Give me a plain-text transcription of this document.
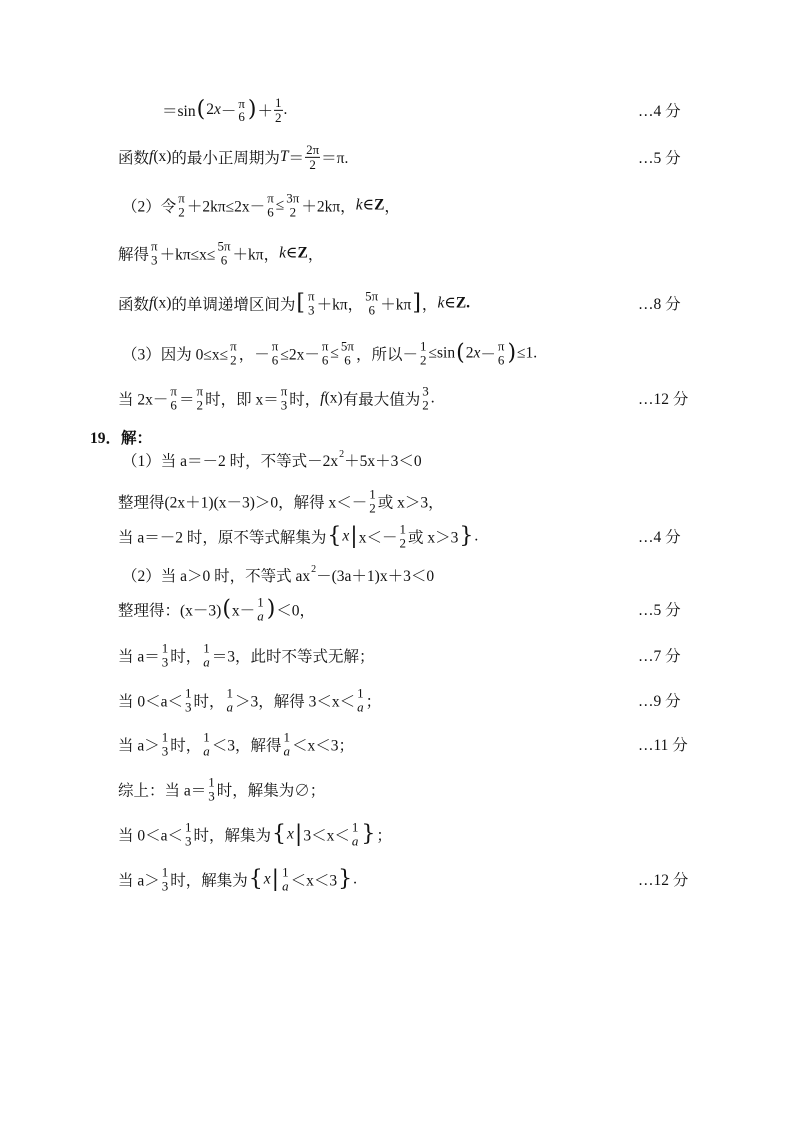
＝sin ( 2 x －
π
6 ) ＋ $\frac{1}{2}$ .	…4 分
函数 f (x) 的最小正周期为 $T = \frac{2\pi}{2} =\pi$.	…5 分
（2）令
π
2 ＋2kπ≤2x－
π
6 ≤ 3π
2 ＋2kπ， k ∈ Z ，
解得
π
3 ＋kπ≤x≤
5π
6 ＋kπ， k ∈ Z ，
函数 f (x) 的单调递增区间为 [ π
3 ＋kπ，
5π
6 ＋kπ ] ， k ∈ Z.	…8 分
（3）因为 0≤x≤
π
2 ，－
π
6 ≤2x－
π
6 ≤ 5π
6 ，所以－
1
2 ≤sin ( 2 x －
π
6 ) ≤1.
当 2x－
π
6 ＝
π
2 时，即 x＝
π
3 时， f (x) 有最大值为
3
2 .	…12 分
19．解：
（1）当 a＝－2 时，不等式－2x 2 ＋5x＋3＜0
整理得(2x＋1)(x－3)＞0，解得 x＜－
1
2 或 x＞3，
当 a＝－2 时，原不等式解集为 { x | x＜－
1
2 或 x＞3 } .	…4 分
（2）当 a＞0 时，不等式 ax 2 －(3a＋1)x＋3＜0
整理得：(x－3) ( x－
1
a ) ＜0，	…5 分
当 a＝
1
3 时，
1
a ＝3，此时不等式无解；	…7 分
当 0＜a＜
1
3 时，
1
a ＞3，解得 3＜x＜
1
a ；	…9 分
当 a＞
1
3 时，
1
a ＜3，解得
1
a ＜x＜3；	…11 分
综上：当 a＝
1
3 时，解集为∅；
当 0＜a＜
1
3 时，解集为 { x | 3＜x＜
1
a } ；
当 a＞
1
3 时，解集为 { x | 1
a ＜x＜3 } .	…12 分
